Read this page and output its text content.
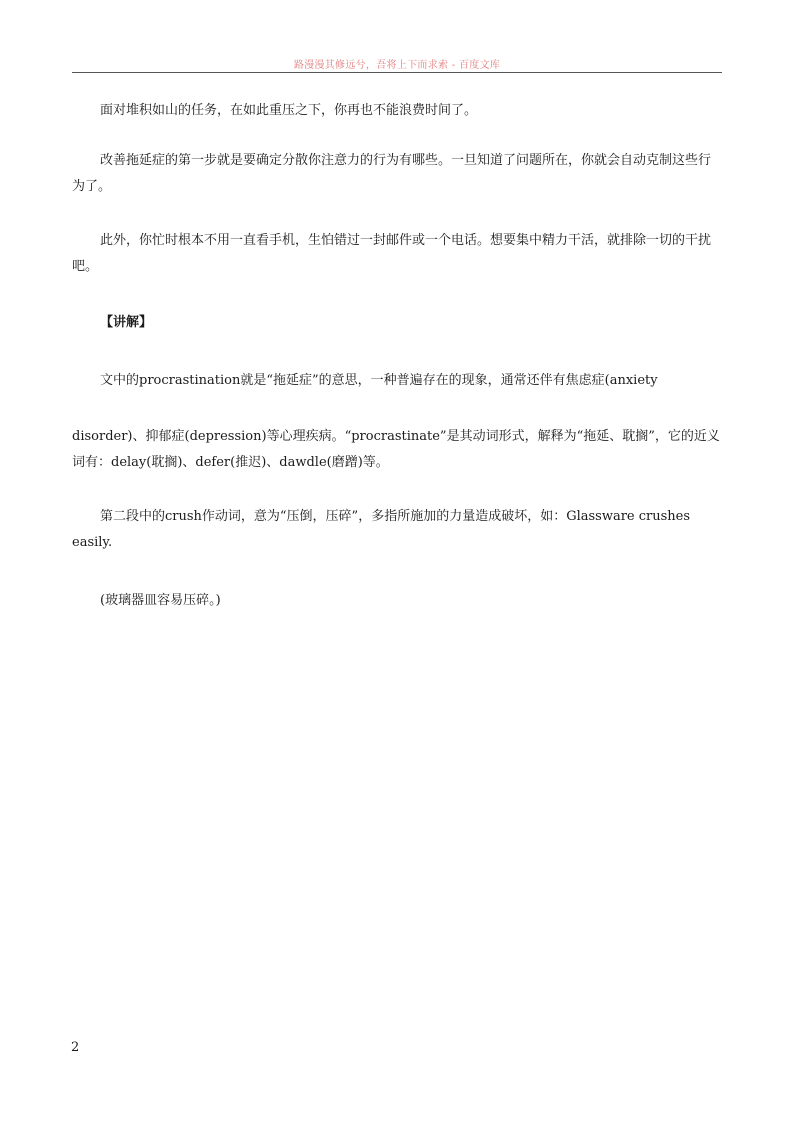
路漫漫其修远兮，吾将上下而求索 - 百度文库

面对堆积如山的任务，在如此重压之下，你再也不能浪费时间了。

改善拖延症的第一步就是要确定分散你注意力的行为有哪些。一旦知道了问题所在，你就会自动克制这些行为了。

此外，你忙时根本不用一直看手机，生怕错过一封邮件或一个电话。想要集中精力干活，就排除一切的干扰吧。

【讲解】

文中的procrastination就是“拖延症”的意思，一种普遍存在的现象，通常还伴有焦虑症(anxiety

disorder)、抑郁症(depression)等心理疾病。“procrastinate”是其动词形式，解释为“拖延、耽搁”，它的近义词有：delay(耽搁)、defer(推迟)、dawdle(磨蹭)等。

第二段中的crush作动词，意为“压倒，压碎”，多指所施加的力量造成破坏，如：Glassware crushes easily.

(玻璃器皿容易压碎。)

2
